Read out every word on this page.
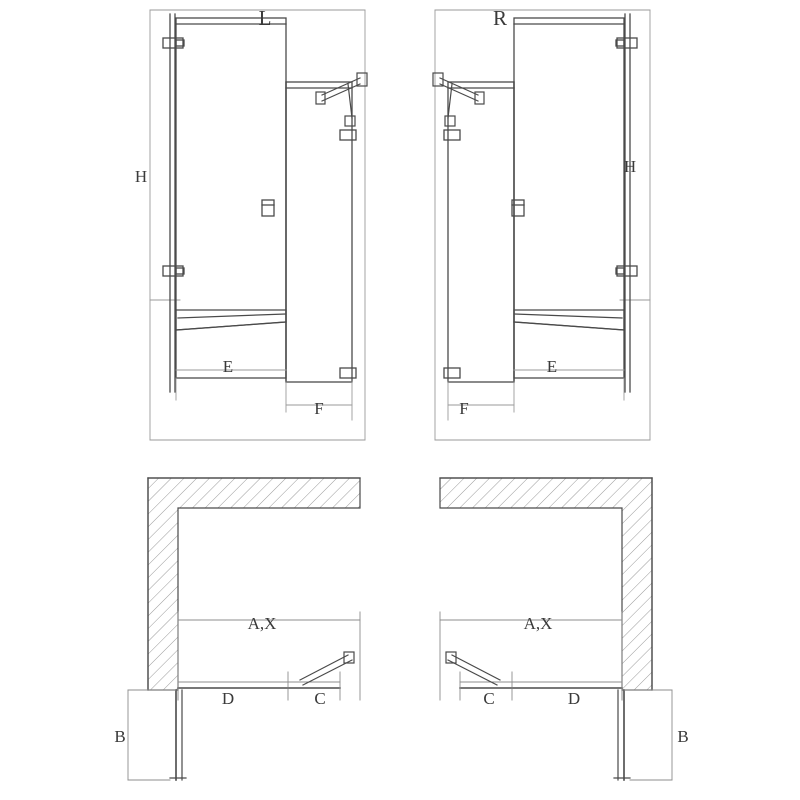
L	R
H
H
E
F
E
F
A,X
D	C
B
A,X
D
C
B
